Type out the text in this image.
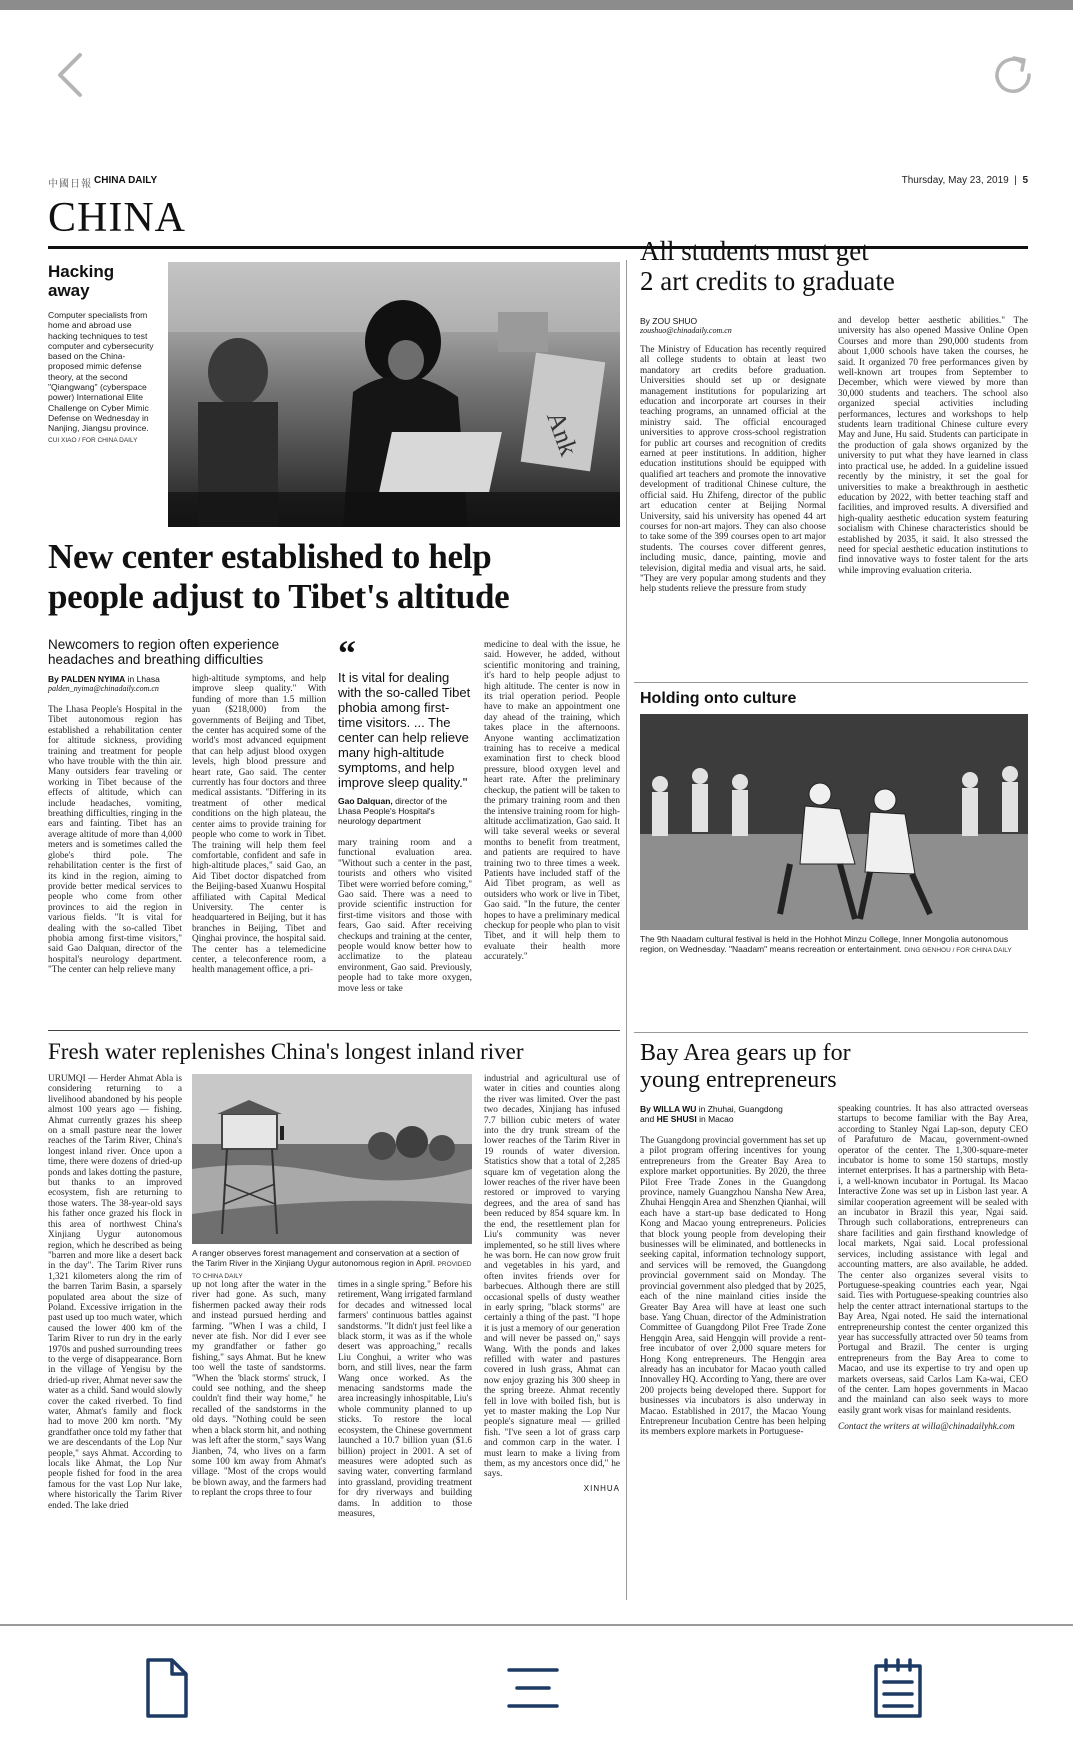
中國日報 CHINA DAILY	Thursday, May 23, 2019  |  5
CHINA
Hacking
away
Computer specialists from home and abroad use hacking techniques to test computer and cybersecurity based on the China-proposed mimic defense theory, at the second "Qiangwang" (cyberspace power) International Elite Challenge on Cyber Mimic Defense on Wednesday in Nanjing, Jiangsu province.
CUI XIAO / FOR CHINA DAILY	Ank
New center established to help
people adjust to Tibet's altitude
Newcomers to region often experience
headaches and breathing difficulties
By PALDEN NYIMA in Lhasa
palden_nyima@chinadaily.com.cn
The Lhasa People's Hospital in the Tibet autonomous region has established a rehabilitation center for altitude sickness, providing training and treatment for people who have trouble with the thin air. Many outsiders fear traveling or working in Tibet because of the effects of altitude, which can include headaches, vomiting, breathing difficulties, ringing in the ears and fainting. Tibet has an average altitude of more than 4,000 meters and is sometimes called the globe's third pole. The rehabilitation center is the first of its kind in the region, aiming to provide better medical services to people who come from other provinces to aid the region in various fields. "It is vital for dealing with the so-called Tibet phobia among first-time visitors," said Gao Dalquan, director of the hospital's neurology department. "The center can help relieve many
high-altitude symptoms, and help improve sleep quality." With funding of more than 1.5 million yuan ($218,000) from the governments of Beijing and Tibet, the center has acquired some of the world's most advanced equipment that can help adjust blood oxygen levels, high blood pressure and heart rate, Gao said. The center currently has four doctors and three medical assistants. "Differing in its treatment of other medical conditions on the high plateau, the center aims to provide training for people who come to work in Tibet. The training will help them feel comfortable, confident and safe in high-altitude places," said Gao, an Aid Tibet doctor dispatched from the Beijing-based Xuanwu Hospital affiliated with Capital Medical University. The center is headquartered in Beijing, but it has branches in Beijing, Tibet and Qinghai province, the hospital said. The center has a telemedicine center, a teleconference room, a health management office, a pri-
“
It is vital for dealing with the so-called Tibet phobia among first-time visitors. ... The center can help relieve many high-altitude symptoms, and help improve sleep quality."
Gao Dalquan, director of the Lhasa People's Hospital's neurology department
mary training room and a functional evaluation area. "Without such a center in the past, tourists and others who visited Tibet were worried before coming," Gao said. There was a need to provide scientific instruction for first-time visitors and those with fears, Gao said. After receiving checkups and training at the center, people would know better how to acclimatize to the plateau environment, Gao said. Previously, people had to take more oxygen, move less or take
medicine to deal with the issue, he said. However, he added, without scientific monitoring and training, it's hard to help people adjust to high altitude. The center is now in its trial operation period. People have to make an appointment one day ahead of the training, which takes place in the afternoons. Anyone wanting acclimatization training has to receive a medical examination first to check blood pressure, blood oxygen level and heart rate. After the preliminary checkup, the patient will be taken to the primary training room and then the intensive training room for high-altitude acclimatization, Gao said. It will take several weeks or several months to benefit from treatment, and patients are required to have training two to three times a week. Patients have included staff of the Aid Tibet program, as well as outsiders who work or live in Tibet, Gao said. "In the future, the center hopes to have a preliminary medical checkup for people who plan to visit Tibet, and it will help them to evaluate their health more accurately."
Fresh water replenishes China's longest inland river
URUMQI — Herder Ahmat Abla is considering returning to a livelihood abandoned by his people almost 100 years ago — fishing. Ahmat currently grazes his sheep on a small pasture near the lower reaches of the Tarim River, China's longest inland river. Once upon a time, there were dozens of dried-up ponds and lakes dotting the pasture, but thanks to an improved ecosystem, fish are returning to those waters. The 38-year-old says his father once grazed his flock in this area of northwest China's Xinjiang Uygur autonomous region, which he described as being "barren and more like a desert back in the day". The Tarim River runs 1,321 kilometers along the rim of the barren Tarim Basin, a sparsely populated area about the size of Poland. Excessive irrigation in the past used up too much water, which caused the lower 400 km of the Tarim River to run dry in the early 1970s and pushed surrounding trees to the verge of disappearance. Born in the village of Yengisu by the dried-up river, Ahmat never saw the water as a child. Sand would slowly cover the caked riverbed. To find water, Ahmat's family and flock had to move 200 km north. "My grandfather once told my father that we are descendants of the Lop Nur people," says Ahmat. According to locals like Ahmat, the Lop Nur people fished for food in the area famous for the vast Lop Nur lake, where historically the Tarim River ended. The lake dried
A ranger observes forest management and conservation at a section of the Tarim River in the Xinjiang Uygur autonomous region in April. PROVIDED TO CHINA DAILY
up not long after the water in the river had gone. As such, many fishermen packed away their rods and instead pursued herding and farming. "When I was a child, I never ate fish. Nor did I ever see my grandfather or father go fishing," says Ahmat. But he knew too well the taste of sandstorms. "When the 'black storms' struck, I could see nothing, and the sheep couldn't find their way home," he recalled of the sandstorms in the old days. "Nothing could be seen when a black storm hit, and nothing was left after the storm," says Wang Jianben, 74, who lives on a farm some 100 km away from Ahmat's village. "Most of the crops would be blown away, and the farmers had to replant the crops three to four
times in a single spring." Before his retirement, Wang irrigated farmland for decades and witnessed local farmers' continuous battles against sandstorms. "It didn't just feel like a black storm, it was as if the whole desert was approaching," recalls Liu Conghui, a writer who was born, and still lives, near the farm Wang once worked. As the menacing sandstorms made the area increasingly inhospitable, Liu's whole community planned to up sticks. To restore the local ecosystem, the Chinese government launched a 10.7 billion yuan ($1.6 billion) project in 2001. A set of measures were adopted such as saving water, converting farmland into grassland, providing treatment for dry riverways and building dams. In addition to those measures,
industrial and agricultural use of water in cities and counties along the river was limited. Over the past two decades, Xinjiang has infused 7.7 billion cubic meters of water into the dry trunk stream of the lower reaches of the Tarim River in 19 rounds of water diversion. Statistics show that a total of 2,285 square km of vegetation along the lower reaches of the river have been restored or improved to varying degrees, and the area of sand has been reduced by 854 square km. In the end, the resettlement plan for Liu's community was never implemented, so he still lives where he was born. He can now grow fruit and vegetables in his yard, and often invites friends over for barbecues. Although there are still occasional spells of dusty weather in early spring, "black storms" are certainly a thing of the past. "I hope it is just a memory of our generation and will never be passed on," says Wang. With the ponds and lakes refilled with water and pastures covered in lush grass, Ahmat can now enjoy grazing his 300 sheep in the spring breeze. Ahmat recently fell in love with boiled fish, but is yet to master making the Lop Nur people's signature meal — grilled fish. "I've seen a lot of grass carp and common carp in the water. I must learn to make a living from them, as my ancestors once did," he says.
XINHUA
All students must get
2 art credits to graduate
By ZOU SHUO
zoushuo@chinadaily.com.cn
The Ministry of Education has recently required all college students to obtain at least two mandatory art credits before graduation. Universities should set up or designate management institutions for popularizing art education and incorporate art courses in their teaching programs, an unnamed official at the ministry said. The official encouraged universities to approve cross-school registration for public art courses and recognition of credits earned at peer institutions. In addition, higher education institutions should be equipped with qualified art teachers and promote the innovative development of traditional Chinese culture, the official said. Hu Zhifeng, director of the public art education center at Beijing Normal University, said his university has opened 44 art courses for non-art majors. They can also choose to take some of the 399 courses open to art major students. The courses cover different genres, including music, dance, painting, movie and television, digital media and visual arts, he said. "They are very popular among students and they help students relieve the pressure from study
and develop better aesthetic abilities." The university has also opened Massive Online Open Courses and more than 290,000 students from about 1,000 schools have taken the courses, he said. It organized 70 free performances given by well-known art troupes from September to December, which were viewed by more than 30,000 students and teachers. The school also organized special activities including performances, lectures and workshops to help students learn traditional Chinese culture every May and June, Hu said. Students can participate in the production of gala shows organized by the university to put what they have learned in class into practical use, he added. In a guideline issued recently by the ministry, it set the goal for universities to make a breakthrough in aesthetic education by 2022, with better teaching staff and facilities, and improved results. A diversified and high-quality aesthetic education system featuring socialism with Chinese characteristics should be established by 2035, it said. It also stressed the need for special aesthetic education institutions to find innovative ways to foster talent for the arts while improving evaluation criteria.
Holding onto culture
The 9th Naadam cultural festival is held in the Hohhot Minzu College, Inner Mongolia autonomous region, on Wednesday. "Naadam" means recreation or entertainment. DING GENHOU / FOR CHINA DAILY
Bay Area gears up for
young entrepreneurs
By WILLA WU in Zhuhai, Guangdong
and HE SHUSI in Macao
The Guangdong provincial government has set up a pilot program offering incentives for young entrepreneurs from the Greater Bay Area to explore market opportunities. By 2020, the three Pilot Free Trade Zones in the Guangdong province, namely Guangzhou Nansha New Area, Zhuhai Hengqin Area and Shenzhen Qianhai, will each have a start-up base dedicated to Hong Kong and Macao young entrepreneurs. Policies that block young people from developing their businesses will be eliminated, and bottlenecks in seeking capital, information technology support, and services will be removed, the Guangdong provincial government said on Monday. The provincial government also pledged that by 2025, each of the nine mainland cities inside the Greater Bay Area will have at least one such base. Yang Chuan, director of the Administration Committee of Guangdong Pilot Free Trade Zone Hengqin Area, said Hengqin will provide a rent-free incubator of over 2,000 square meters for Hong Kong entrepreneurs. The Hengqin area already has an incubator for Macao youth called Innovalley HQ. According to Yang, there are over 200 projects being developed there. Support for businesses via incubators is also underway in Macao. Established in 2017, the Macao Young Entrepreneur Incubation Centre has been helping its members explore markets in Portuguese-
speaking countries. It has also attracted overseas startups to become familiar with the Bay Area, according to Stanley Ngai Lap-son, deputy CEO of Parafuturo de Macau, government-owned operator of the center. The 1,300-square-meter incubator is home to some 150 startups, mostly internet enterprises. It has a partnership with Beta-i, a well-known incubator in Portugal. Its Macao Interactive Zone was set up in Lisbon last year. A similar cooperation agreement will be sealed with an incubator in Brazil this year, Ngai said. Through such collaborations, entrepreneurs can share facilities and gain firsthand knowledge of local markets, Ngai said. Local professional services, including assistance with legal and accounting matters, are also available, he added. The center also organizes several visits to Portuguese-speaking countries each year, Ngai said. Ties with Portuguese-speaking countries also help the center attract international startups to the Bay Area, Ngai noted. He said the international entrepreneurship contest the center organized this year has successfully attracted over 50 teams from Portugal and Brazil. The center is urging entrepreneurs from the Bay Area to come to Macao, and use its expertise to try and open up markets overseas, said Carlos Lam Ka-wai, CEO of the center. Lam hopes governments in Macao and the mainland can also seek ways to more easily grant work visas for mainland residents.
Contact the writers at willa@chinadailyhk.com
